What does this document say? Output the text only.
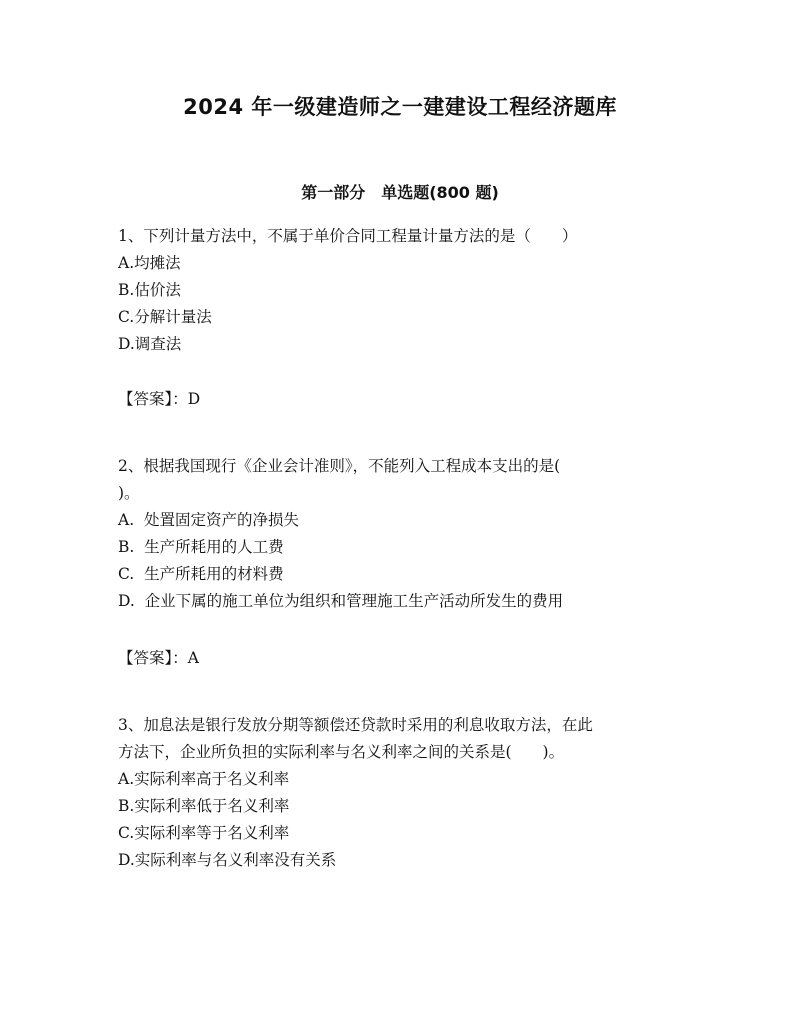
2024 年一级建造师之一建建设工程经济题库
第一部分　单选题(800 题)
1、下列计量方法中，不属于单价合同工程量计量方法的是（　　）
A.均摊法
B.估价法
C.分解计量法
D.调查法
【答案】：D
2、根据我国现行《企业会计准则》，不能列入工程成本支出的是(
)。
A.  处置固定资产的净损失
B.  生产所耗用的人工费
C.  生产所耗用的材料费
D.  企业下属的施工单位为组织和管理施工生产活动所发生的费用
【答案】：A
3、加息法是银行发放分期等额偿还贷款时采用的利息收取方法，在此
方法下，企业所负担的实际利率与名义利率之间的关系是(　　)。
A.实际利率高于名义利率
B.实际利率低于名义利率
C.实际利率等于名义利率
D.实际利率与名义利率没有关系
